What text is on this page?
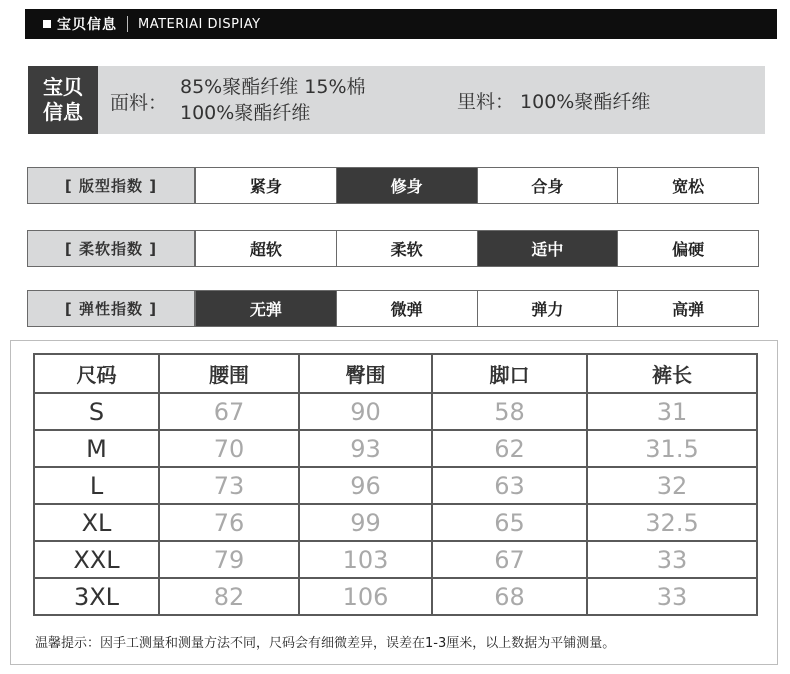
宝贝信息 MATERIAI DISPIAY
宝贝
信息 面料：
85%聚酯纤维 15%棉
100%聚酯纤维	里料： 100%聚酯纤维
[ 版型指数 ]	紧身	修身	合身	宽松
[ 柔软指数 ]	超软	柔软	适中	偏硬
[ 弹性指数 ]	无弹	微弹	弹力	高弹
尺码	腰围	臀围	脚口	裤长
S	67	90	58	31
M	70	93	62	31.5
L	73	96	63	32
XL	76	99	65	32.5
XXL	79	103	67	33
3XL	82	106	68	33
温馨提示：因手工测量和测量方法不同，尺码会有细微差异，误差在1-3厘米，以上数据为平铺测量。
